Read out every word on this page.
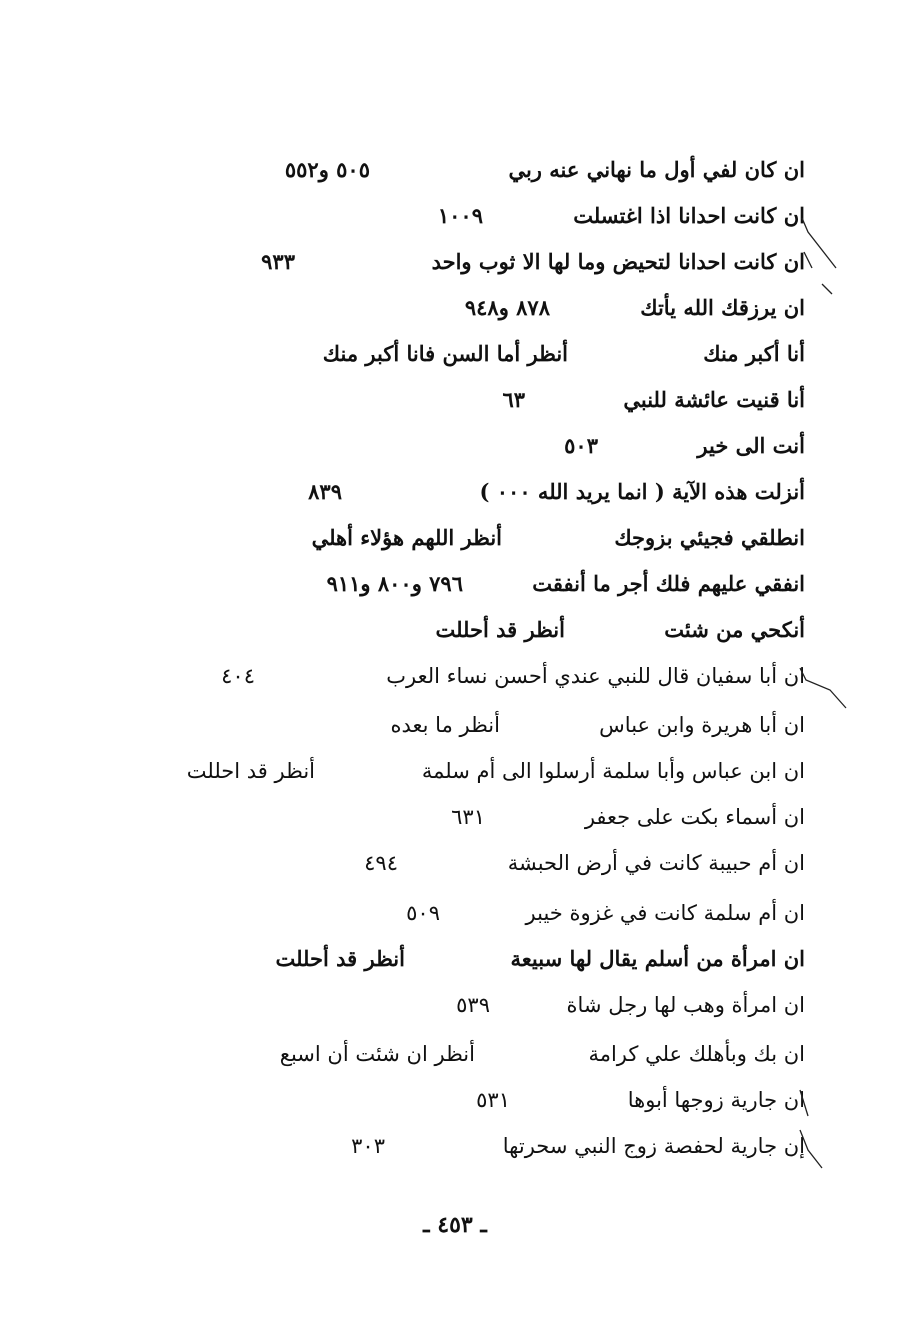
ان كان لفي أول ما نهاني عنه ربي
٥٠٥ و٥٥٢
ان كانت احدانا اذا اغتسلت
١٠٠٩
ان كانت احدانا لتحيض وما لها الا ثوب واحد
٩٣٣
ان يرزقك الله يأتك
٨٧٨ و٩٤٨
أنا أكبر منك
أنظر أما السن فانا أكبر منك
أنا قنيت عائشة للنبي
٦٣
أنت الى خير
٥٠٣
أنزلت هذه الآية ( انما يريد الله ٠٠٠ )
٨٣٩
انطلقي فجيئي بزوجك
أنظر اللهم هؤلاء أهلي
انفقي عليهم فلك أجر ما أنفقت
٧٩٦ و٨٠٠ و٩١١
أنكحي من شئت
أنظر قد أحللت
ان أبا سفيان قال للنبي عندي أحسن نساء العرب
٤٠٤
ان أبا هريرة وابن عباس
أنظر ما بعده
ان ابن عباس وأبا سلمة أرسلوا الى أم سلمة
أنظر قد احللت
ان أسماء بكت على جعفر
٦٣١
ان أم حبيبة كانت في أرض الحبشة
٤٩٤
ان أم سلمة كانت في غزوة خيبر
٥٠٩
ان امرأة من أسلم يقال لها سبيعة
أنظر قد أحللت
ان امرأة وهب لها رجل شاة
٥٣٩
ان بك وبأهلك علي كرامة
أنظر ان شئت أن اسبع
ان جارية زوجها أبوها
٥٣١
إن جارية لحفصة زوج النبي سحرتها
٣٠٣
ـ ٤٥٣ ـ
